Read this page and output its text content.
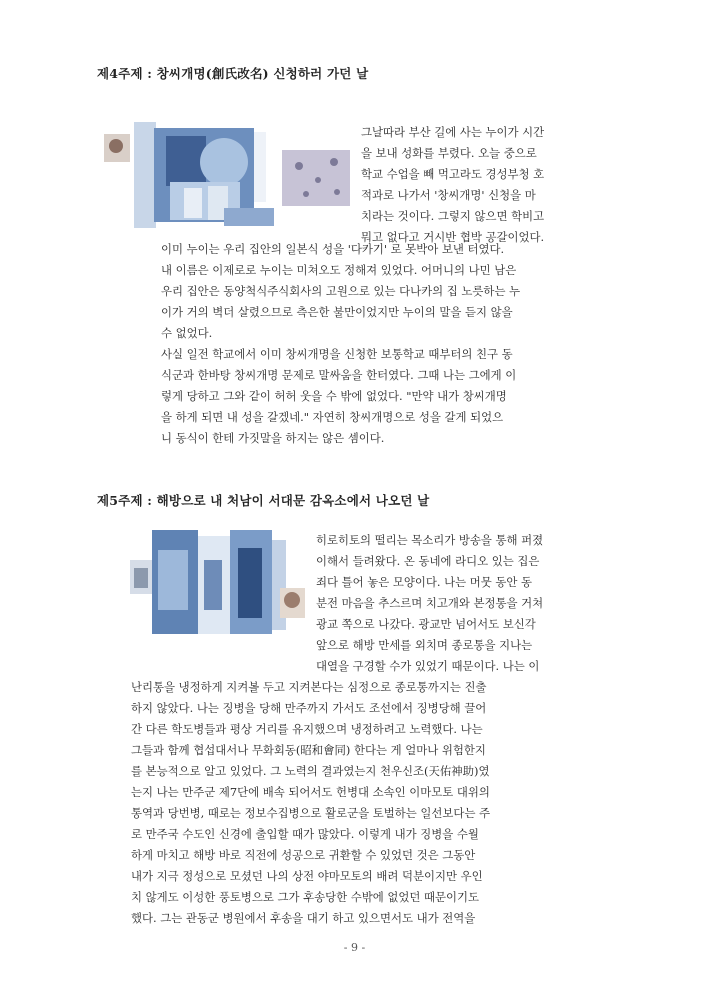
제4주제 : 창씨개명(創氏改名) 신청하러 가던 날
그날따라 부산 길에 사는 누이가 시간
을 보내 성화를 부렸다. 오늘 중으로
학교 수업을 빼 먹고라도 경성부청 호
적과로 나가서 '창씨개명' 신청을 마
치라는 것이다. 그렇지 않으면 학비고
뭐고 없다고 거시반 협박 공갈이었다.
이미 누이는 우리 집안의 일본식 성을 '다카기' 로 못박아 보낸 터였다.
내 이름은 이제로로 누이는 미쳐오도 정해져 있었다. 어머니의 나민 남은
우리 집안은 동양척식주식회사의 고원으로 있는 다나카의 집 노릇하는 누
이가 거의 벽더 살렸으므로 측은한 불만이었지만 누이의 말을 듣지 않을
수 없었다.
사실 일전 학교에서 이미 창씨개명을 신청한 보통학교 때부터의 친구 동
식군과 한바탕 창씨개명 문제로 말싸움을 한터였다. 그때 나는 그에게 이
렇게 당하고 그와 같이 허허 웃을 수 밖에 없었다. "만약 내가 창씨개명
을 하게 되면 내 성을 갈겠네." 자연히 창씨개명으로 성을 갈게 되었으
니 동식이 한테 가짓말을 하지는 않은 셈이다.
제5주제 : 해방으로 내 처남이 서대문 감옥소에서 나오던 날
히로히토의 떨리는 목소리가 방송을 통해 퍼졌
이해서 들려왔다. 온 동네에 라디오 있는 집은
죄다 틀어 놓은 모양이다. 나는 머뭇 동안 동
분전 마음을 추스르며 치고개와 본정통을 거쳐
광교 쪽으로 나갔다. 광교만 넘어서도 보신각
앞으로 해방 만세를 외치며 종로통을 지나는
대열을 구경할 수가 있었기 때문이다. 나는 이
난리통을 냉정하게 지켜볼 두고 지켜본다는 심정으로 종로통까지는 진출
하지 않았다. 나는 징병을 당해 만주까지 가서도 조선에서 징병당해 끌어
간 다른 학도병들과 평상 거리를 유지했으며 냉정하려고 노력했다. 나는
그들과 함께 협섭대서나 무화회동(昭和會同) 한다는 게 얼마나 위험한지
를 본능적으로 알고 있었다. 그 노력의 결과였는지 천우신조(天佑神助)였
는지 나는 만주군 제7단에 배속 되어서도 헌병대 소속인 이마모토 대위의
통역과 당번병, 때로는 정보수집병으로 활로군을 토벌하는 일선보다는 주
로 만주국 수도인 신경에 출입할 때가 많았다. 이렇게 내가 징병을 수월
하게 마치고 해방 바로 직전에 성공으로 귀환할 수 있었던 것은 그동안
내가 지극 정성으로 모셨던 나의 상전 야마모토의 배려 덕분이지만 우인
치 않게도 이성한 풍토병으로 그가 후송당한 수밖에 없었던 때문이기도
했다. 그는 관동군 병원에서 후송을 대기 하고 있으면서도 내가 전역을
- 9 -
